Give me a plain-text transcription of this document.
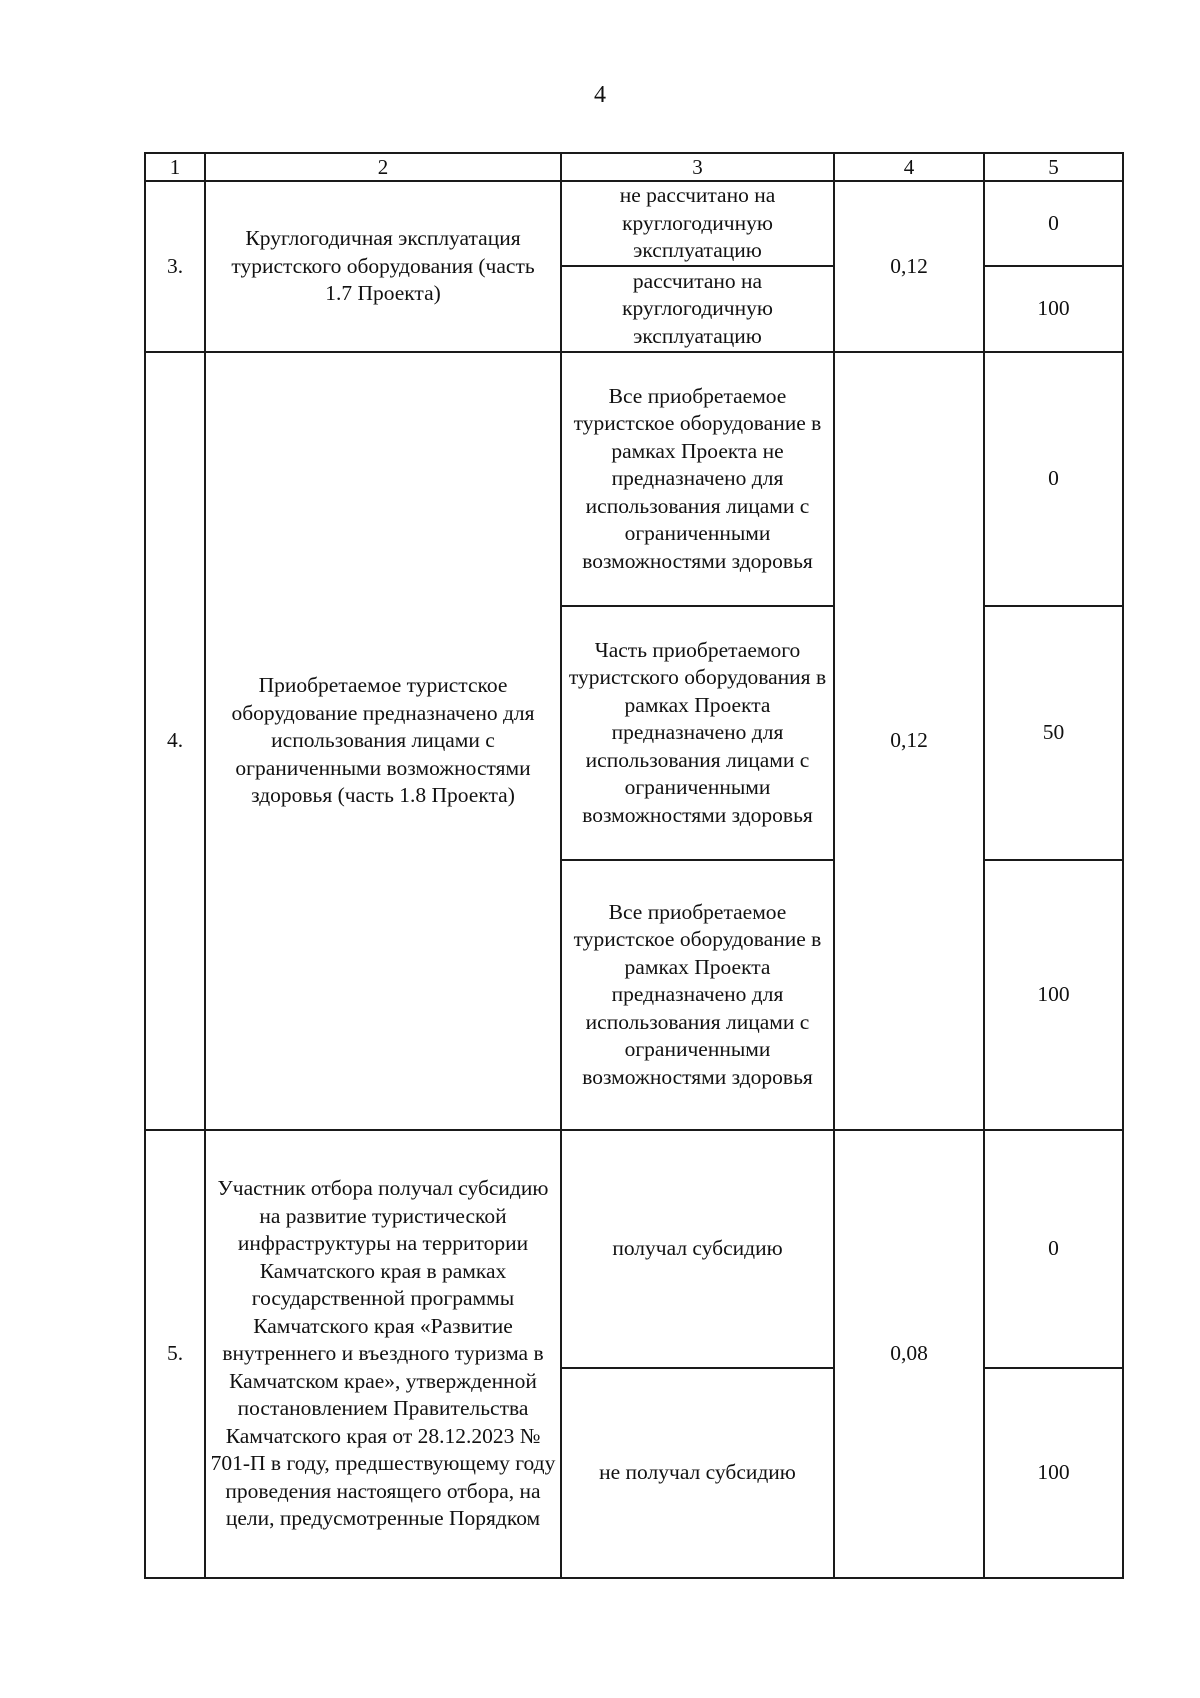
4
1	2	3	4	5
3.	Круглогодичная эксплуатация туристского оборудования (часть 1.7 Проекта)	не рассчитано на круглогодичную эксплуатацию	0,12	0
		рассчитано на круглогодичную эксплуатацию		100
4.	Приобретаемое туристское оборудование предназначено для использования лицами с ограниченными возможностями здоровья (часть 1.8 Проекта)	Все приобретаемое туристское оборудование в рамках Проекта не предназначено для использования лицами с ограниченными возможностями здоровья	0,12	0
		Часть приобретаемого туристского оборудования в рамках Проекта предназначено для использования лицами с ограниченными возможностями здоровья		50
		Все приобретаемое туристское оборудование в рамках Проекта предназначено для использования лицами с ограниченными возможностями здоровья		100
5.	Участник отбора получал субсидию на развитие туристической инфраструктуры на территории Камчатского края в рамках государственной программы Камчатского края «Развитие внутреннего и въездного туризма в Камчатском крае», утвержденной постановлением Правительства Камчатского края от 28.12.2023 № 701-П в году, предшествующему году проведения настоящего отбора, на цели, предусмотренные Порядком	получал субсидию	0,08	0
		не получал субсидию		100
